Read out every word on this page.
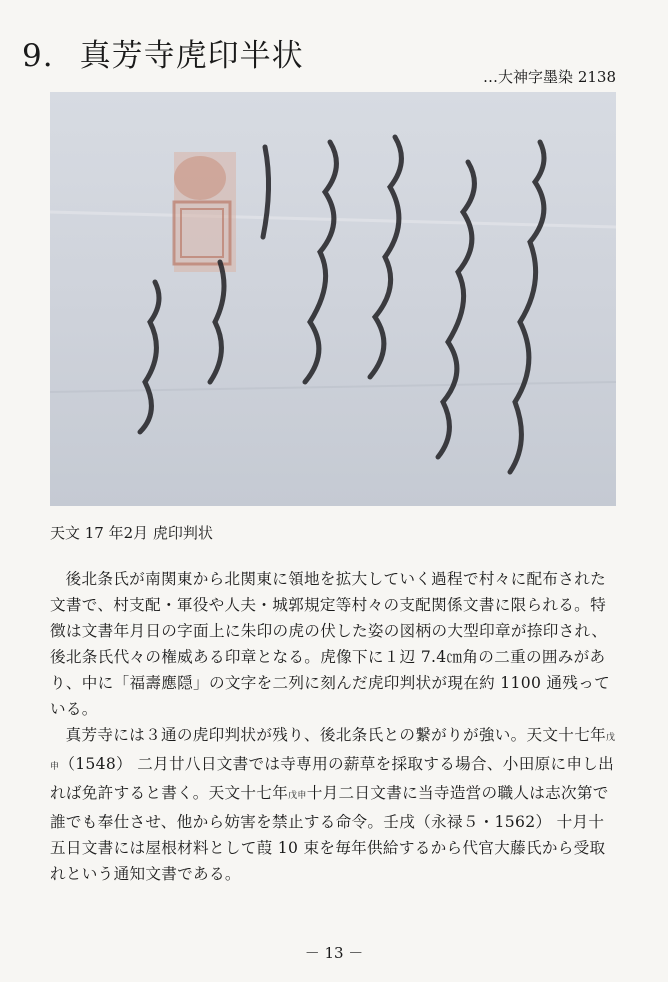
9. 真芳寺虎印半状
…大神字墨染 2138
天文 17 年2月 虎印判状

後北条氏が南関東から北関東に領地を拡大していく過程で村々に配布された文書で、村支配・軍役や人夫・城郭規定等村々の支配関係文書に限られる。特徴は文書年月日の字面上に朱印の虎の伏した姿の図柄の大型印章が捺印され、後北条氏代々の権威ある印章となる。虎像下に１辺 7.4㎝角の二重の囲みがあり、中に「福壽應隠」の文字を二列に刻んだ虎印判状が現在約 1100 通残っている。

真芳寺には３通の虎印判状が残り、後北条氏との繋がりが強い。天文十七年戊申（1548） 二月廿八日文書では寺専用の薪草を採取する場合、小田原に申し出れば免許すると書く。天文十七年戊申十月二日文書に当寺造営の職人は志次第で誰でも奉仕させ、他から妨害を禁止する命令。壬戌（永禄５・1562） 十月十五日文書には屋根材料として葭 10 束を毎年供給するから代官大藤氏から受取れという通知文書である。

－ 13 －
